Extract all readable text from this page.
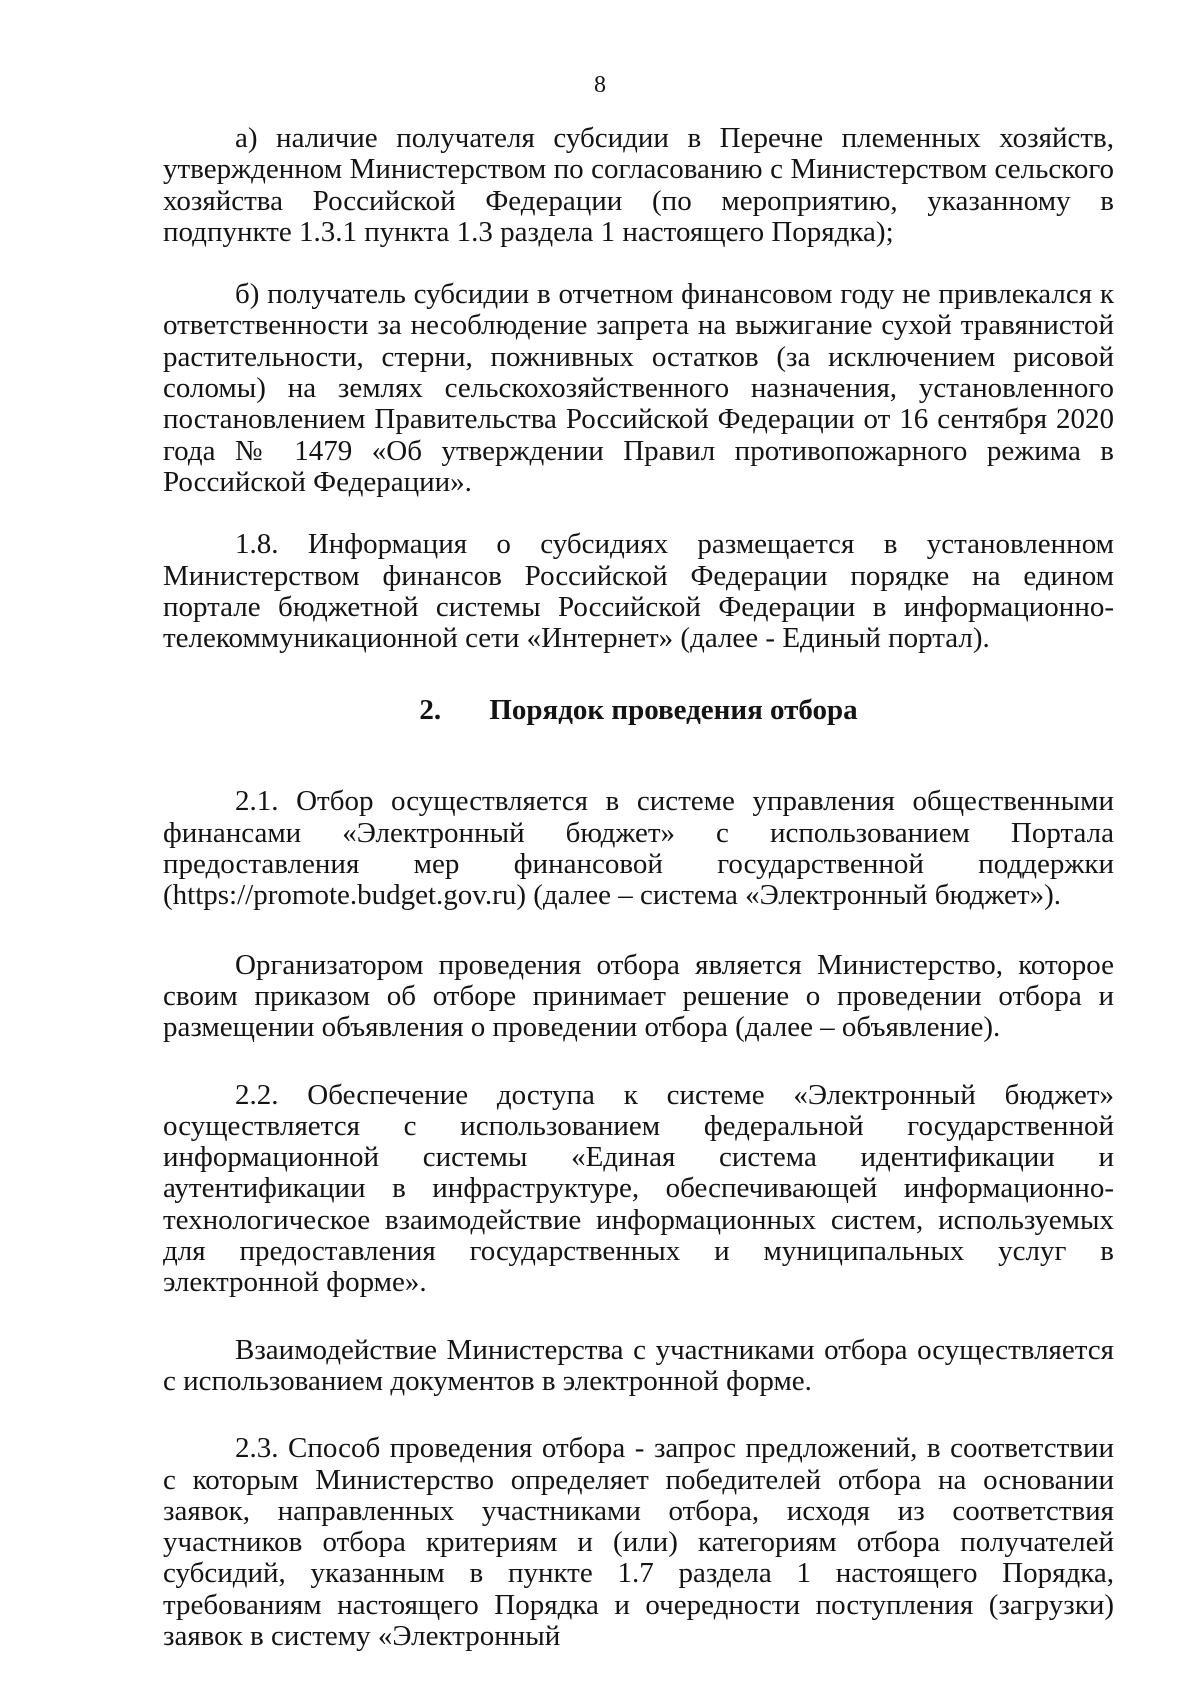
8

а) наличие получателя субсидии в Перечне племенных хозяйств, утвержденном Министерством по согласованию с Министерством сельского хозяйства Российской Федерации (по мероприятию, указанному в подпункте 1.3.1 пункта 1.3 раздела 1 настоящего Порядка);

б) получатель субсидии в отчетном финансовом году не привлекался к ответственности за несоблюдение запрета на выжигание сухой травянистой растительности, стерни, пожнивных остатков (за исключением рисовой соломы) на землях сельскохозяйственного назначения, установленного постановлением Правительства Российской Федерации от 16 сентября 2020 года № 1479 «Об утверждении Правил противопожарного режима в Российской Федерации».

1.8. Информация о субсидиях размещается в установленном Министерством финансов Российской Федерации порядке на едином портале бюджетной системы Российской Федерации в информационно-телекоммуникационной сети «Интернет» (далее - Единый портал).

2. Порядок проведения отбора

2.1. Отбор осуществляется в системе управления общественными финансами «Электронный бюджет» с использованием Портала предоставления мер финансовой государственной поддержки (https://promote.budget.gov.ru) (далее – система «Электронный бюджет»).

Организатором проведения отбора является Министерство, которое своим приказом об отборе принимает решение о проведении отбора и размещении объявления о проведении отбора (далее – объявление).

2.2. Обеспечение доступа к системе «Электронный бюджет» осуществляется с использованием федеральной государственной информационной системы «Единая система идентификации и аутентификации в инфраструктуре, обеспечивающей информационно-технологическое взаимодействие информационных систем, используемых для предоставления государственных и муниципальных услуг в электронной форме».

Взаимодействие Министерства с участниками отбора осуществляется с использованием документов в электронной форме.

2.3. Способ проведения отбора - запрос предложений, в соответствии с которым Министерство определяет победителей отбора на основании заявок, направленных участниками отбора, исходя из соответствия участников отбора критериям и (или) категориям отбора получателей субсидий, указанным в пункте 1.7 раздела 1 настоящего Порядка, требованиям настоящего Порядка и очередности поступления (загрузки) заявок в систему «Электронный
